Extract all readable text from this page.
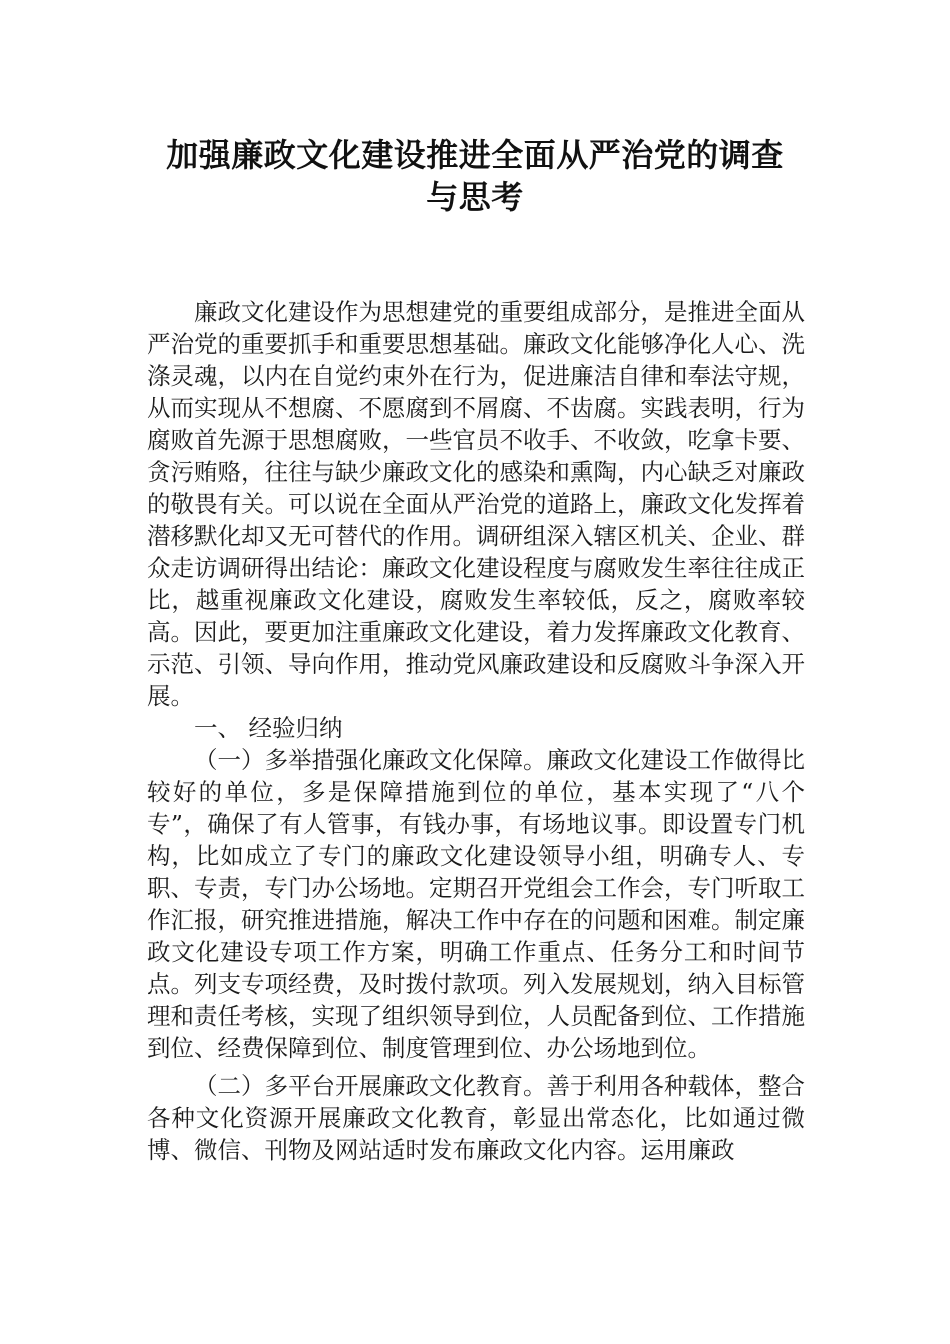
加强廉政文化建设推进全面从严治党的调查
与思考

廉政文化建设作为思想建党的重要组成部分，是推进全面从严治党的重要抓手和重要思想基础。廉政文化能够净化人心、洗涤灵魂，以内在自觉约束外在行为，促进廉洁自律和奉法守规，从而实现从不想腐、不愿腐到不屑腐、不齿腐。实践表明，行为腐败首先源于思想腐败，一些官员不收手、不收敛，吃拿卡要、贪污贿赂，往往与缺少廉政文化的感染和熏陶，内心缺乏对廉政的敬畏有关。可以说在全面从严治党的道路上，廉政文化发挥着潜移默化却又无可替代的作用。调研组深入辖区机关、企业、群众走访调研得出结论：廉政文化建设程度与腐败发生率往往成正比，越重视廉政文化建设，腐败发生率较低，反之，腐败率较高。因此，要更加注重廉政文化建设，着力发挥廉政文化教育、示范、引领、导向作用，推动党风廉政建设和反腐败斗争深入开展。

一、 经验归纳

（一）多举措强化廉政文化保障。廉政文化建设工作做得比较好的单位，多是保障措施到位的单位，基本实现了“八个专”，确保了有人管事，有钱办事，有场地议事。即设置专门机构，比如成立了专门的廉政文化建设领导小组，明确专人、专职、专责，专门办公场地。定期召开党组会工作会，专门听取工作汇报，研究推进措施，解决工作中存在的问题和困难。制定廉政文化建设专项工作方案，明确工作重点、任务分工和时间节点。列支专项经费，及时拨付款项。列入发展规划，纳入目标管理和责任考核，实现了组织领导到位，人员配备到位、工作措施到位、经费保障到位、制度管理到位、办公场地到位。

（二）多平台开展廉政文化教育。善于利用各种载体，整合各种文化资源开展廉政文化教育，彰显出常态化，比如通过微博、微信、刊物及网站适时发布廉政文化内容。运用廉政
